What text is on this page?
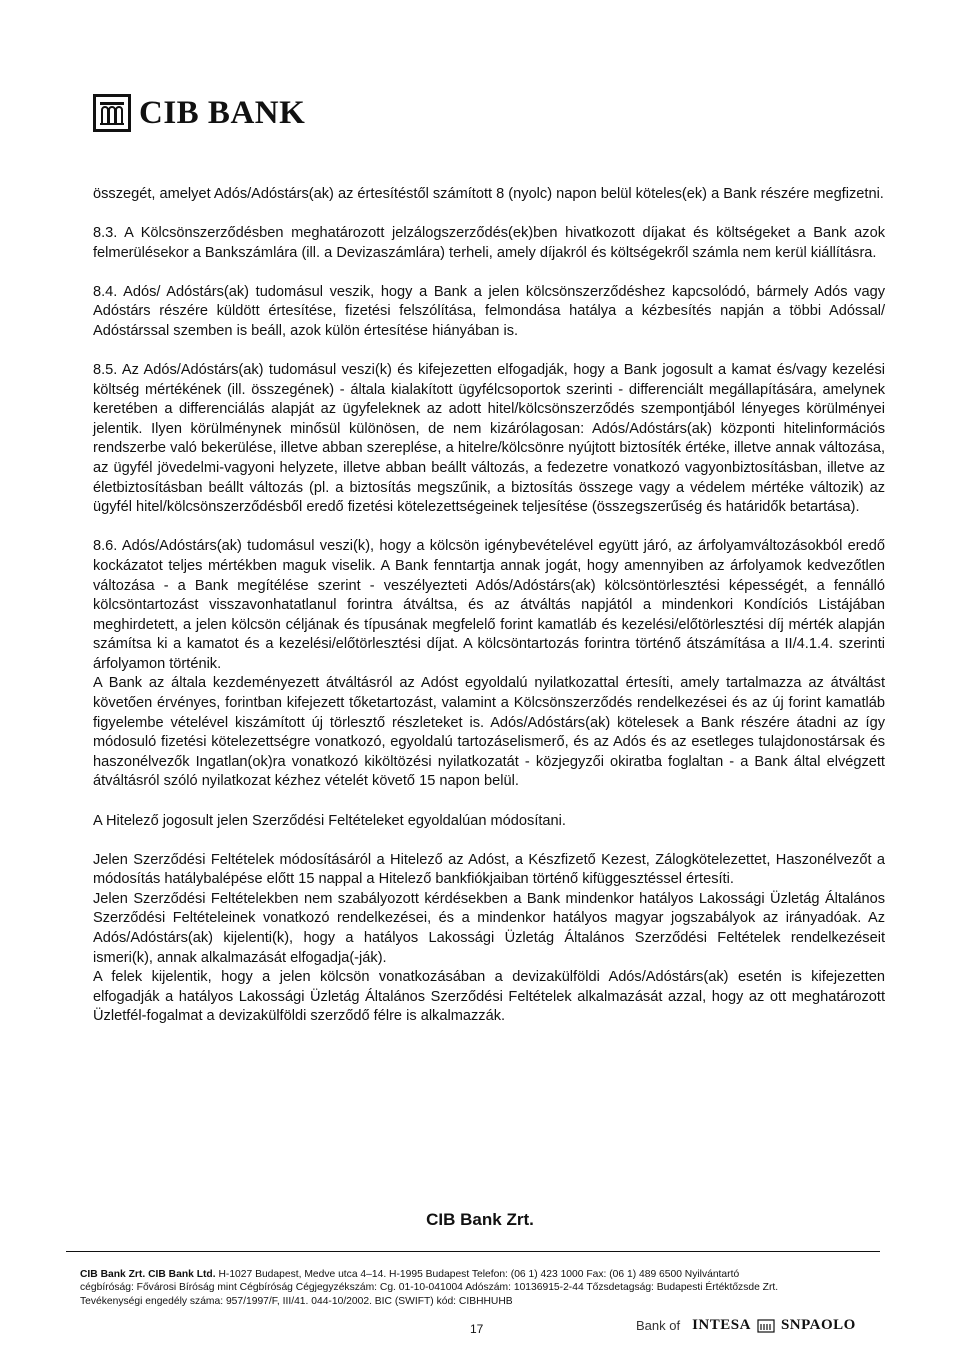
CIB BANK

összegét, amelyet Adós/Adóstárs(ak) az értesítéstől számított 8 (nyolc) napon belül köteles(ek) a Bank részére megfizetni.

8.3. A Kölcsönszerződésben meghatározott jelzálogszerződés(ek)ben hivatkozott díjakat és költségeket a Bank azok felmerülésekor a Bankszámlára (ill. a Devizaszámlára) terheli, amely díjakról és költségekről számla nem kerül kiállításra.

8.4. Adós/ Adóstárs(ak) tudomásul veszik, hogy a Bank a jelen kölcsönszerződéshez kapcsolódó, bármely Adós vagy Adóstárs részére küldött értesítése, fizetési felszólítása, felmondása hatálya a kézbesítés napján a többi Adóssal/ Adóstárssal szemben is beáll, azok külön értesítése hiányában is.

8.5. Az Adós/Adóstárs(ak) tudomásul veszi(k) és kifejezetten elfogadják, hogy a Bank jogosult a kamat és/vagy kezelési költség mértékének (ill. összegének) - általa kialakított ügyfélcsoportok szerinti - differenciált megállapítására, amelynek keretében a differenciálás alapját az ügyfeleknek az adott hitel/kölcsönszerződés szempontjából lényeges körülményei jelentik. Ilyen körülménynek minősül különösen, de nem kizárólagosan: Adós/Adóstárs(ak) központi hitelinformációs rendszerbe való bekerülése, illetve abban szereplése, a hitelre/kölcsönre nyújtott biztosíték értéke, illetve annak változása, az ügyfél jövedelmi-vagyoni helyzete, illetve abban beállt változás, a fedezetre vonatkozó vagyonbiztosításban, illetve az életbiztosításban beállt változás (pl. a biztosítás megszűnik, a biztosítás összege vagy a védelem mértéke változik) az ügyfél hitel/kölcsönszerződésből eredő fizetési kötelezettségeinek teljesítése (összegszerűség és határidők betartása).

8.6. Adós/Adóstárs(ak) tudomásul veszi(k), hogy a kölcsön igénybevételével együtt járó, az árfolyamváltozásokból eredő kockázatot teljes mértékben maguk viselik. A Bank fenntartja annak jogát, hogy amennyiben az árfolyamok kedvezőtlen változása - a Bank megítélése szerint - veszélyezteti Adós/Adóstárs(ak) kölcsöntörlesztési képességét, a fennálló kölcsöntartozást visszavonhatatlanul forintra átváltsa, és az átváltás napjától a mindenkori Kondíciós Listájában meghirdetett, a jelen kölcsön céljának és típusának megfelelő forint kamatláb és kezelési/előtörlesztési díj mérték alapján számítsa ki a kamatot és a kezelési/előtörlesztési díjat. A kölcsöntartozás forintra történő átszámítása a II/4.1.4. szerinti árfolyamon történik.

A Bank az általa kezdeményezett átváltásról az Adóst egyoldalú nyilatkozattal értesíti, amely tartalmazza az átváltást követően érvényes, forintban kifejezett tőketartozást, valamint a Kölcsönszerződés rendelkezései és az új forint kamatláb figyelembe vételével kiszámított új törlesztő részleteket is. Adós/Adóstárs(ak) kötelesek a Bank részére átadni az így módosuló fizetési kötelezettségre vonatkozó, egyoldalú tartozáselismerő, és az Adós és az esetleges tulajdonostársak és haszonélvezők Ingatlan(ok)ra vonatkozó kiköltözési nyilatkozatát - közjegyzői okiratba foglaltan - a Bank által elvégzett átváltásról szóló nyilatkozat kézhez vételét követő 15 napon belül.

A Hitelező jogosult jelen Szerződési Feltételeket egyoldalúan módosítani.

Jelen Szerződési Feltételek módosításáról a Hitelező az Adóst, a Készfizető Kezest, Zálogkötelezettet, Haszonélvezőt a módosítás hatálybalépése előtt 15 nappal a Hitelező bankfiókjaiban történő kifüggesztéssel értesíti.

Jelen Szerződési Feltételekben nem szabályozott kérdésekben a Bank mindenkor hatályos Lakossági Üzletág Általános Szerződési Feltételeinek vonatkozó rendelkezései, és a mindenkor hatályos magyar jogszabályok az irányadóak. Az Adós/Adóstárs(ak) kijelenti(k), hogy a hatályos Lakossági Üzletág Általános Szerződési Feltételek rendelkezéseit ismeri(k), annak alkalmazását elfogadja(-ják).

A felek kijelentik, hogy a jelen kölcsön vonatkozásában a devizakülföldi Adós/Adóstárs(ak) esetén is kifejezetten elfogadják a hatályos Lakossági Üzletág Általános Szerződési Feltételek alkalmazását azzal, hogy az ott meghatározott Üzletfél-fogalmat a devizakülföldi szerződő félre is alkalmazzák.

CIB Bank Zrt.
CIB Bank Zrt. CIB Bank Ltd. H-1027 Budapest, Medve utca 4–14. H-1995 Budapest Telefon: (06 1) 423 1000 Fax: (06 1) 489 6500 Nyilvántartó
cégbíróság: Fővárosi Bíróság mint Cégbíróság Cégjegyzékszám: Cg. 01-10-041004 Adószám: 10136915-2-44 Tőzsdetagság: Budapesti Értéktőzsde Zrt.
Tevékenységi engedély száma: 957/1997/F, III/41. 044-10/2002. BIC (SWIFT) kód: CIBHHUHB
17	Bank of INTESA SNPAOLO
